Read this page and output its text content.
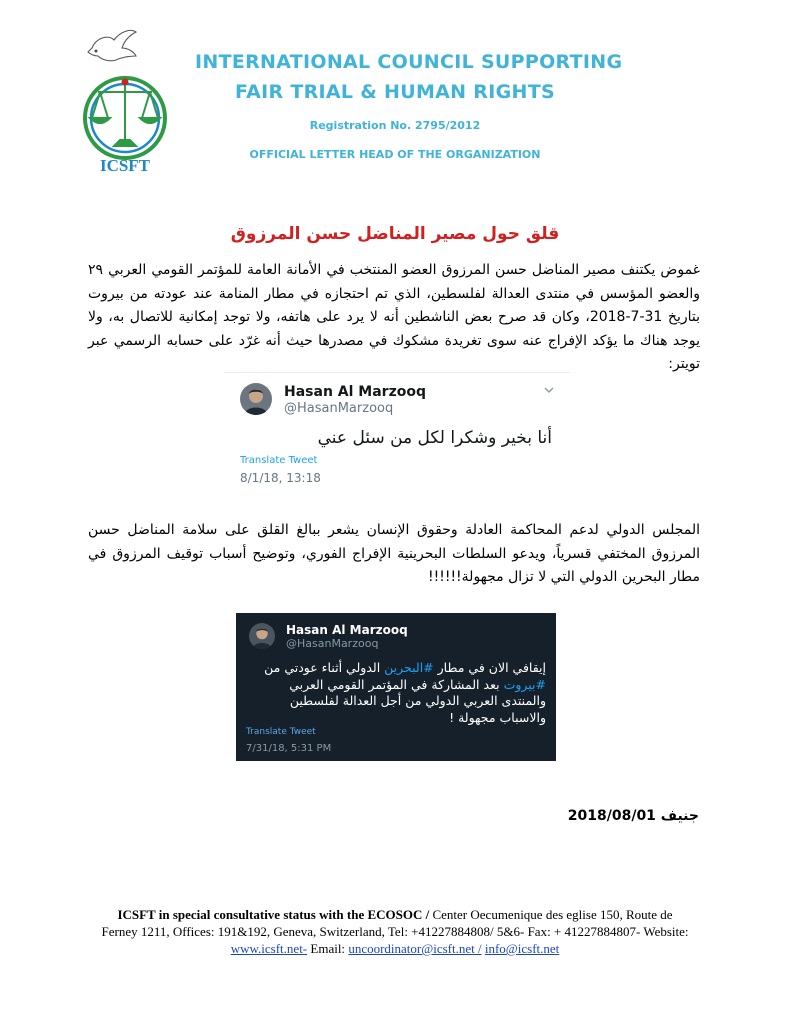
ICSFT
INTERNATIONAL COUNCIL SUPPORTING
FAIR TRIAL & HUMAN RIGHTS
Registration No. 2795/2012
OFFICIAL LETTER HEAD OF THE ORGANIZATION
قلق حول مصير المناضل حسن المرزوق
غموض يكتنف مصير المناضل حسن المرزوق العضو المنتخب في الأمانة العامة للمؤتمر القومي العربي ٢٩ والعضو المؤسس في منتدى العدالة لفلسطين، الذي تم احتجازه في مطار المنامة عند عودته من بيروت بتاريخ 31-7-2018، وكان قد صرح بعض الناشطين أنه لا يرد على هاتفه، ولا توجد إمكانية للاتصال به، ولا يوجد هناك ما يؤكد الإفراج عنه سوى تغريدة مشكوك في مصدرها حيث أنه غرّد على حسابه الرسمي عبر تويتر:
Hasan Al Marzooq
@HasanMarzooq
أنا بخير وشكرا لكل من سئل عني
Translate Tweet
8/1/18, 13:18
المجلس الدولي لدعم المحاكمة العادلة وحقوق الإنسان يشعر ببالغ القلق على سلامة المناضل حسن المرزوق المختفي قسرياً، ويدعو السلطات البحرينية الإفراج الفوري، وتوضيح أسباب توقيف المرزوق في مطار البحرين الدولي التي لا تزال مجهولة!!!!!!
Hasan Al Marzooq
@HasanMarzooq
إيقافي الان في مطار #البحرين الدولي أثناء عودتي من #بيروت بعد المشاركة في المؤتمر القومي العربي والمنتدى العربي الدولي من أجل العدالة لفلسطين والاسباب مجهولة !
Translate Tweet
7/31/18, 5:31 PM
جنيف 2018/08/01
ICSFT in special consultative status with the ECOSOC / Center Oecumenique des eglise 150, Route de Ferney 1211, Offices: 191&192, Geneva, Switzerland, Tel: +41227884808/ 5&6- Fax: + 41227884807- Website: www.icsft.net- Email: uncoordinator@icsft.net / info@icsft.net
